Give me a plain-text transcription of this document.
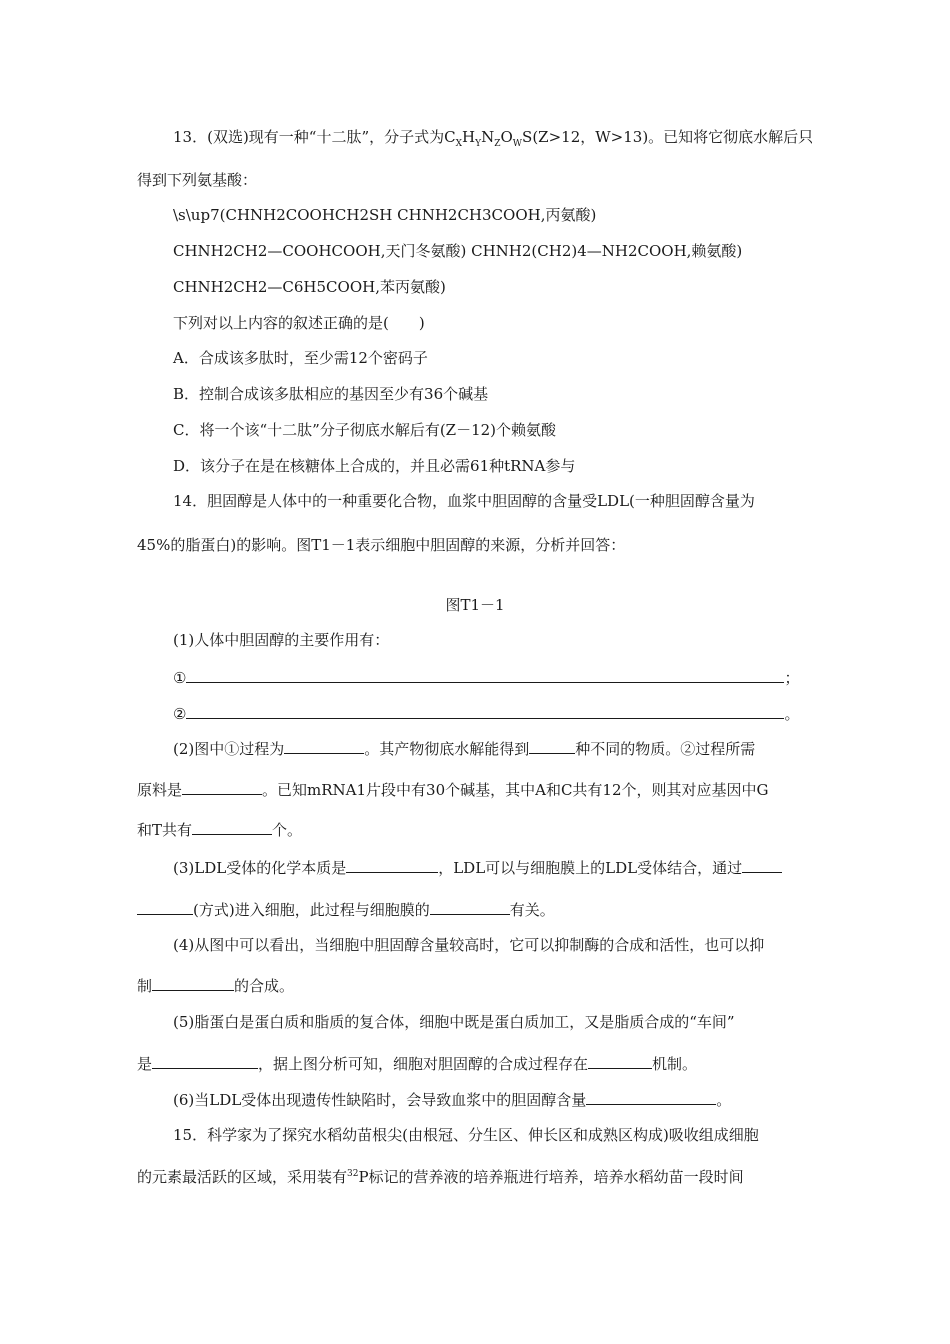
13．(双选)现有一种“十二肽”，分子式为$C_XH_YN_ZO_WS(Z>12$，W>13)。已知将它彻底水解后只
得到下列氨基酸：
\s\up7(CHNH2COOHCH2SH CHNH2CH3COOH,丙氨酸)
CHNH2CH2—COOHCOOH,天门冬氨酸) CHNH2(CH2)4—NH2COOH,赖氨酸)
CHNH2CH2—C6H5COOH,苯丙氨酸)
下列对以上内容的叙述正确的是(　　)
A．合成该多肽时，至少需12个密码子
B．控制合成该多肽相应的基因至少有36个碱基
C．将一个该“十二肽”分子彻底水解后有(Z－12)个赖氨酸
D．该分子在是在核糖体上合成的，并且必需61种tRNA参与
14．胆固醇是人体中的一种重要化合物，血浆中胆固醇的含量受LDL(一种胆固醇含量为
45%的脂蛋白)的影响。图T1－1表示细胞中胆固醇的来源，分析并回答：
图T1－1
(1)人体中胆固醇的主要作用有：
①	；
②	。
(2)图中①过程为	。其产物彻底水解能得到	种不同的物质。②过程所需
原料是	。已知mRNA1片段中有30个碱基，其中A和C共有12个，则其对应基因中G
和T共有	个。
(3)LDL受体的化学本质是	，LDL可以与细胞膜上的LDL受体结合，通过
(方式)进入细胞，此过程与细胞膜的	有关。
(4)从图中可以看出，当细胞中胆固醇含量较高时，它可以抑制酶的合成和活性，也可以抑
制	的合成。
(5)脂蛋白是蛋白质和脂质的复合体，细胞中既是蛋白质加工，又是脂质合成的“车间”
是	，据上图分析可知，细胞对胆固醇的合成过程存在	机制。
(6)当LDL受体出现遗传性缺陷时，会导致血浆中的胆固醇含量	。
15．科学家为了探究水稻幼苗根尖(由根冠、分生区、伸长区和成熟区构成)吸收组成细胞
的元素最活跃的区域，采用装有$^{32}$P标记的营养液的培养瓶进行培养，培养水稻幼苗一段时间
